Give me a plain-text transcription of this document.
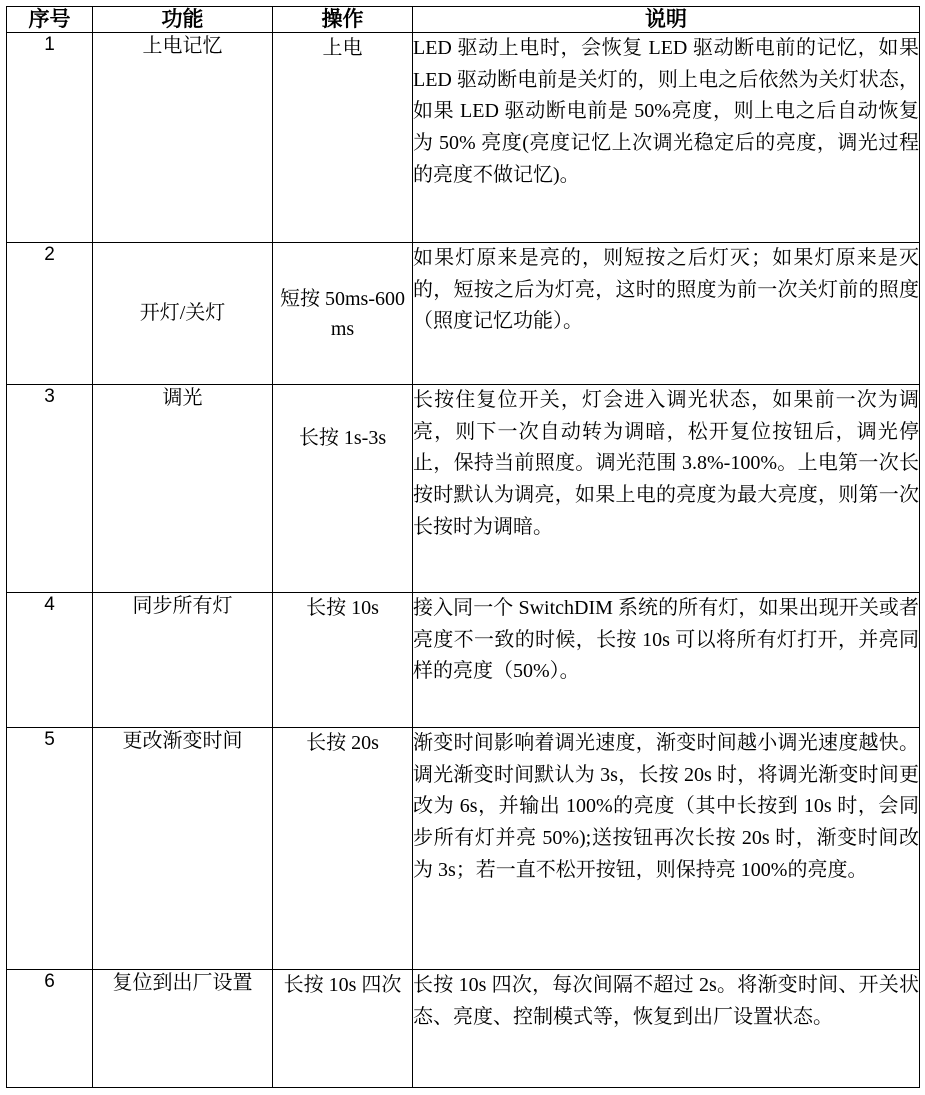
序号	功能	操作	说明
1	上电记忆	上电	LED 驱动上电时，会恢复 LED 驱动断电前的记忆，如果 LED 驱动断电前是关灯的，则上电之后依然为关灯状态，如果 LED 驱动断电前是 50%亮度，则上电之后自动恢复为 50% 亮度(亮度记忆上次调光稳定后的亮度，调光过程的亮度不做记忆)。
2	开灯/关灯	短按 50ms-600 ms	如果灯原来是亮的，则短按之后灯灭；如果灯原来是灭的，短按之后为灯亮，这时的照度为前一次关灯前的照度（照度记忆功能）。
3	调光	长按 1s-3s	长按住复位开关，灯会进入调光状态，如果前一次为调亮，则下一次自动转为调暗，松开复位按钮后，调光停止，保持当前照度。调光范围 3.8%-100%。上电第一次长按时默认为调亮，如果上电的亮度为最大亮度，则第一次长按时为调暗。
4	同步所有灯	长按 10s	接入同一个 SwitchDIM 系统的所有灯，如果出现开关或者亮度不一致的时候，长按 10s 可以将所有灯打开，并亮同样的亮度（50%）。
5	更改渐变时间	长按 20s	渐变时间影响着调光速度，渐变时间越小调光速度越快。调光渐变时间默认为 3s，长按 20s 时，将调光渐变时间更改为 6s，并输出 100%的亮度（其中长按到 10s 时，会同步所有灯并亮 50%);送按钮再次长按 20s 时，渐变时间改为 3s；若一直不松开按钮，则保持亮 100%的亮度。
6	复位到出厂设置	长按 10s 四次	长按 10s 四次，每次间隔不超过 2s。将渐变时间、开关状态、亮度、控制模式等，恢复到出厂设置状态。
